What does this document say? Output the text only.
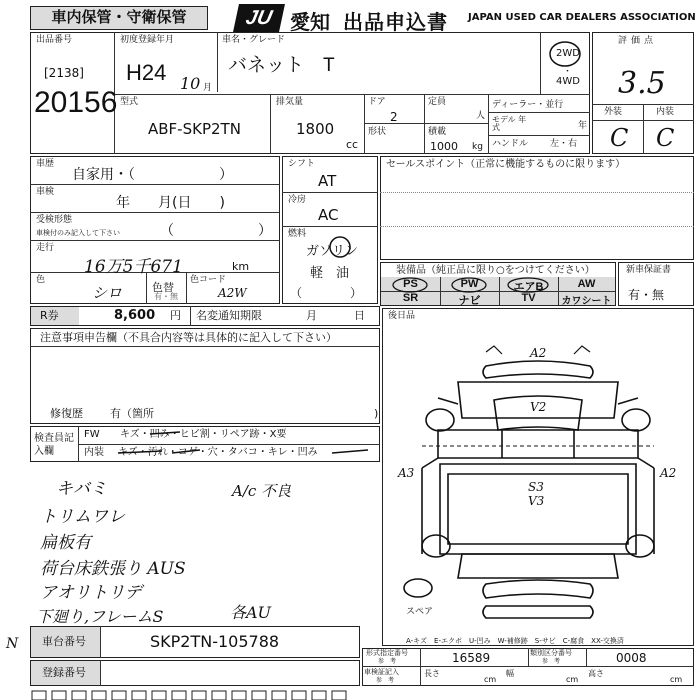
車内保管・守衛保管	JU 愛知 出品申込書 JAPAN USED CAR DEALERS ASSOCIATION
出品番号
[2138]
20156
初度登録年月
H24 10 月
車名・グレード
バネット　T
2WD
・
4WD
型式
ABF-SKP2TN
排気量
1800
cc
ドア
2
形状
定員
人
積載
1000 kg
ディーラー・並行
モデル 年式	年
ハンドル 左・右
評価点
3.5
外装	内装
C C
車歴
自家用・（　　　　　　）
車検
年　　月(日　　)
受検形態
車検付のみ記入して下さい	（　　　　　　）
走行
16万5千671	km
色
シロ	色替
有・無
色コード
A2W
シフト
AT
冷房
AC
燃料
ガソリン
軽　油
（　　　　）
セールスポイント（正常に機能するものに限ります）
装備品（純正品に限り○をつけてください）
PS	PW	エアB	AW
SR	ナビ	TV	カワシート
新車保証書
有・無
R券	8,600 円 名変通知期限	月	日
注意事項申告欄（不具合内容等は具体的に記入して下さい）
修復歴 有（箇所	)
検査員記入欄
FW キズ・凹み・ヒビ割・リペア跡・X要
内装 キズ・汚れ・コゲ・穴・タバコ・キレ・凹み
キバミ	A/c 不良
トリムワレ
扁板有
荷台床鉄張り AUS
アオリトリデ
下廻り,フレームS	各AU
後日品
A2
V2
A3	A2
S3
V3
スペア
A-キズ　E-エクボ　U-凹み　W-補修跡　S-サビ　C-腐食　XX-交換済
N 車台番号	SKP2TN-105788
登録番号
形式指定番号
参　考	16589	類別区分番号
参　考	0008
車検証記入
参　考
長さ
cm
幅
cm
高さ
cm
